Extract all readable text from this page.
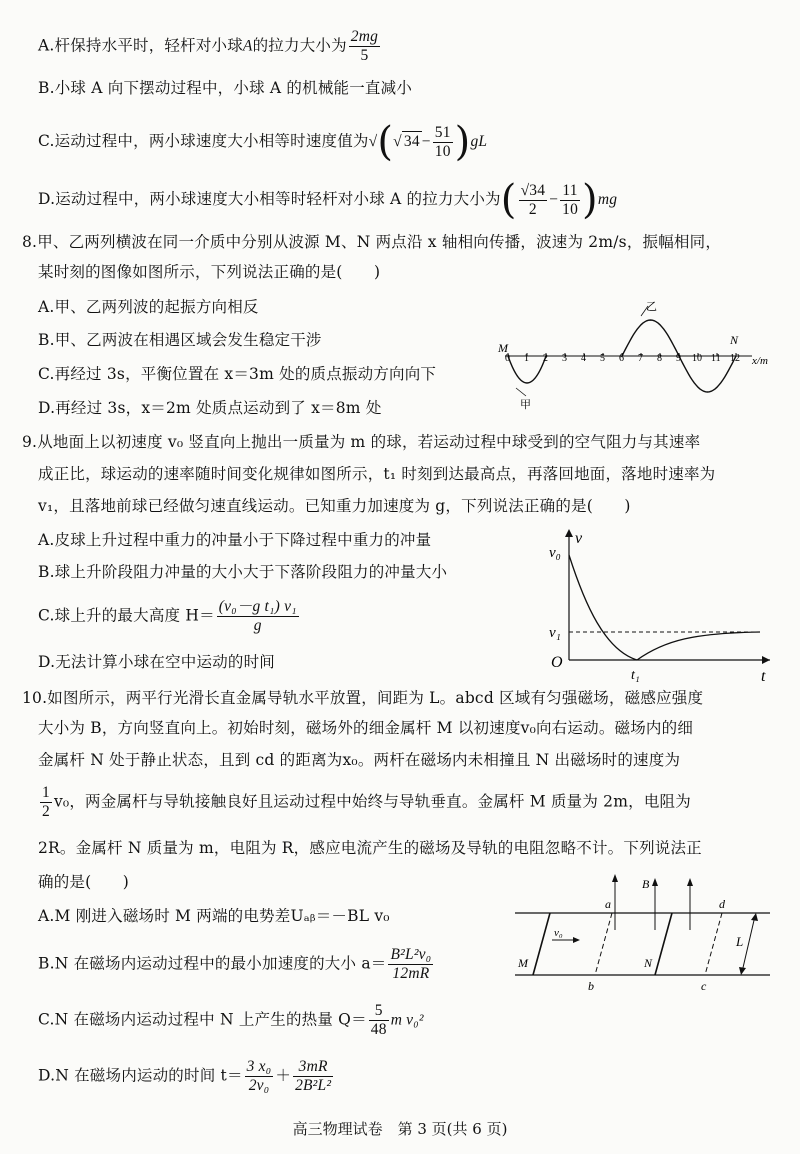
A.杆保持水平时，轻杆对小球A的拉力大小为 $\frac{2mg}{5}$
B.小球 A 向下摆动过程中，小球 A 的机械能一直减小
C.运动过程中，两小球速度大小相等时速度值为√(√ $34 - \frac{51}{10} )gL$
D.运动过程中，两小球速度大小相等时轻杆对小球 A 的拉力大小为( $\frac{√34}{2} - \frac{11}{10} )mg$
8.甲、乙两列横波在同一介质中分别从波源 M、N 两点沿 x 轴相向传播，波速为 2m/s，振幅相同，
某时刻的图像如图所示，下列说法正确的是(　　)
A.甲、乙两列波的起振方向相反
B.甲、乙两波在相遇区域会发生稳定干涉
C.再经过 3s，平衡位置在 x＝3m 处的质点振动方向向下
D.再经过 3s，x＝2m 处质点运动到了 x＝8m 处
0 1 2 3 4 5 6 7 8 9 10 11 12
M
N
x/m
甲
乙
9.从地面上以初速度 v₀ 竖直向上抛出一质量为 m 的球，若运动过程中球受到的空气阻力与其速率
成正比，球运动的速率随时间变化规律如图所示，t₁ 时刻到达最高点，再落回地面，落地时速率为
v₁，且落地前球已经做匀速直线运动。已知重力加速度为 g，下列说法正确的是(　　)
A.皮球上升过程中重力的冲量小于下降过程中重力的冲量
B.球上升阶段阻力冲量的大小大于下落阶段阻力的冲量大小
C.球上升的最大高度 $H= \frac{\text{(v₀－g t₁) v₁}}{g}$
D.无法计算小球在空中运动的时间
v
v₀
v₁
O
t
t₁
10.如图所示，两平行光滑长直金属导轨水平放置，间距为 L。abcd 区域有匀强磁场，磁感应强度
大小为 B，方向竖直向上。初始时刻，磁场外的细金属杆 M 以初速度v₀向右运动。磁场内的细
金属杆 N 处于静止状态，且到 cd 的距离为x₀。两杆在磁场内未相撞且 N 出磁场时的速度为
$\frac{1}{2} v_0$，两金属杆与导轨接触良好且运动过程中始终与导轨垂直。金属杆 M 质量为 2m，电阻为
2R。金属杆 N 质量为 m，电阻为 R，感应电流产生的磁场及导轨的电阻忽略不计。下列说法正
确的是(　　)
A.M 刚进入磁场时 M 两端的电势差Uₐᵦ＝－BL v₀
B.N 在磁场内运动过程中的最小加速度的大小 $a= \frac{\text{B²L²v₀}}{12mR}$
C.N 在磁场内运动过程中 N 上产生的热量 $Q= \frac{5}{48}$ m v₀²
D.N 在磁场内运动的时间 $t= \frac{\text{3 x₀}}{\text{2v₀}} + \frac{3mR}{\text{2B²L²}}$
a
b	c
d
B
L
M	N
v₀
高三物理试卷　第 3 页(共 6 页)
